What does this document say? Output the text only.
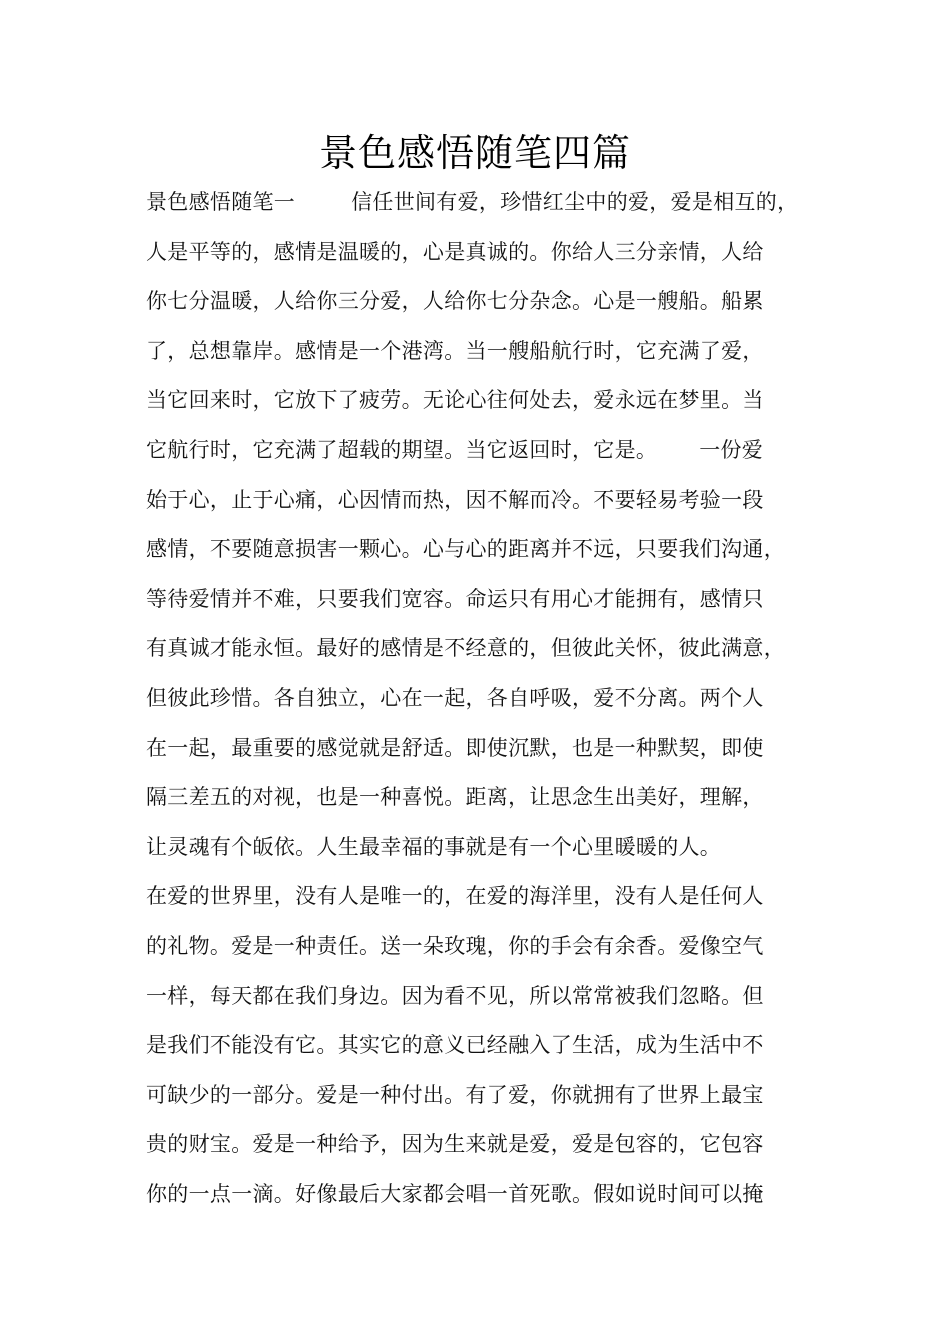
景色感悟随笔四篇
景色感悟随笔一	信任世间有爱，珍惜红尘中的爱，爱是相互的，
人是平等的，感情是温暖的，心是真诚的。你给人三分亲情，人给
你七分温暖，人给你三分爱，人给你七分杂念。心是一艘船。船累
了，总想靠岸。感情是一个港湾。当一艘船航行时，它充满了爱，
当它回来时，它放下了疲劳。无论心往何处去，爱永远在梦里。当
它航行时，它充满了超载的期望。当它返回时，它是。 一份爱
始于心，止于心痛，心因情而热，因不解而冷。不要轻易考验一段
感情，不要随意损害一颗心。心与心的距离并不远，只要我们沟通，
等待爱情并不难，只要我们宽容。命运只有用心才能拥有，感情只
有真诚才能永恒。最好的感情是不经意的，但彼此关怀，彼此满意，
但彼此珍惜。各自独立，心在一起，各自呼吸，爱不分离。两个人
在一起，最重要的感觉就是舒适。即使沉默，也是一种默契，即使
隔三差五的对视，也是一种喜悦。距离，让思念生出美好，理解，
让灵魂有个皈依。人生最幸福的事就是有一个心里暖暖的人。
在爱的世界里，没有人是唯一的，在爱的海洋里，没有人是任何人
的礼物。爱是一种责任。送一朵玫瑰，你的手会有余香。爱像空气
一样，每天都在我们身边。因为看不见，所以常常被我们忽略。但
是我们不能没有它。其实它的意义已经融入了生活，成为生活中不
可缺少的一部分。爱是一种付出。有了爱，你就拥有了世界上最宝
贵的财宝。爱是一种给予，因为生来就是爱，爱是包容的，它包容
你的一点一滴。好像最后大家都会唱一首死歌。假如说时间可以掩
